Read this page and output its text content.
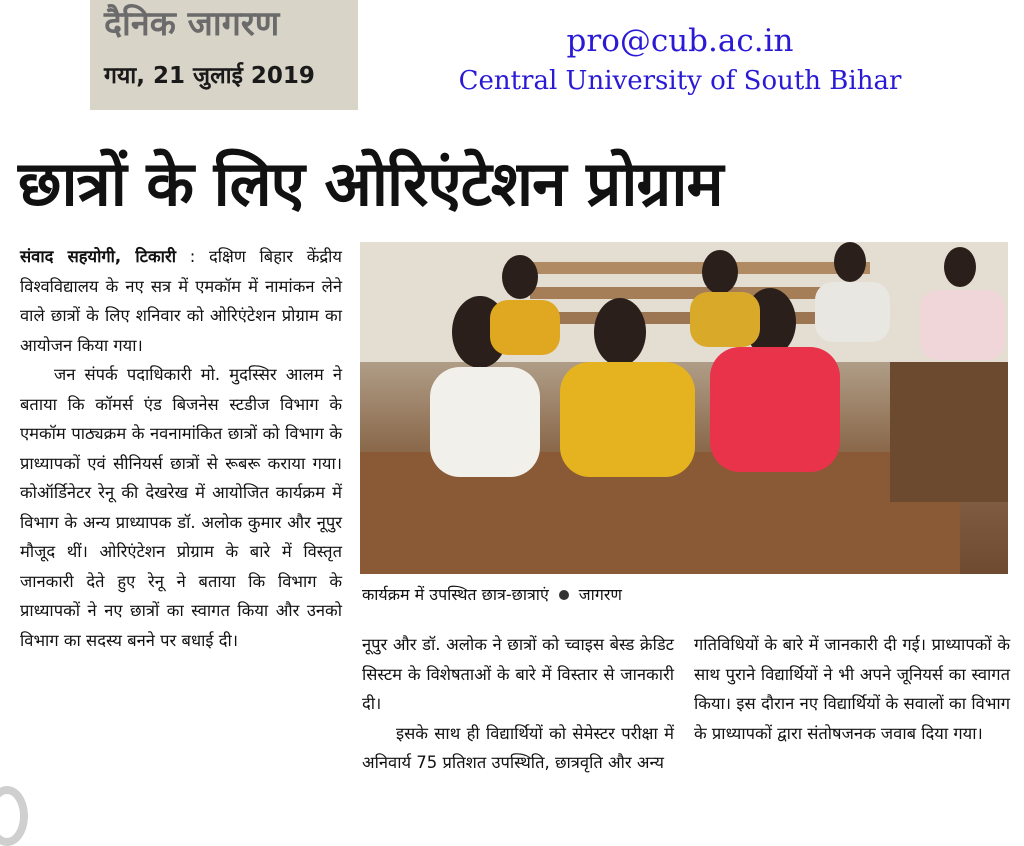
दैनिक जागरण
गया, 21 जुलाई 2019
pro@cub.ac.in
Central University of South Bihar
छात्रों के लिए ओरिएंटेशन प्रोग्राम

संवाद सहयोगी, टिकारी : दक्षिण बिहार केंद्रीय विश्वविद्यालय के नए सत्र में एमकॉम में नामांकन लेने वाले छात्रों के लिए शनिवार को ओरिएंटेशन प्रोग्राम का आयोजन किया गया।

जन संपर्क पदाधिकारी मो. मुदस्सिर आलम ने बताया कि कॉमर्स एंड बिजनेस स्टडीज विभाग के एमकॉम पाठ्यक्रम के नवनामांकित छात्रों को विभाग के प्राध्यापकों एवं सीनियर्स छात्रों से रूबरू कराया गया। कोऑर्डिनेटर रेनू की देखरेख में आयोजित कार्यक्रम में विभाग के अन्य प्राध्यापक डॉ. अलोक कुमार और नूपुर मौजूद थीं। ओरिएंटेशन प्रोग्राम के बारे में विस्तृत जानकारी देते हुए रेनू ने बताया कि विभाग के प्राध्यापकों ने नए छात्रों का स्वागत किया और उनको विभाग का सदस्य बनने पर बधाई दी।

कार्यक्रम में उपस्थित छात्र-छात्राएं जागरण

नूपुर और डॉ. अलोक ने छात्रों को च्वाइस बेस्ड क्रेडिट सिस्टम के विशेषताओं के बारे में विस्तार से जानकारी दी।

इसके साथ ही विद्यार्थियों को सेमेस्टर परीक्षा में अनिवार्य 75 प्रतिशत उपस्थिति, छात्रवृति और अन्य

गतिविधियों के बारे में जानकारी दी गई। प्राध्यापकों के साथ पुराने विद्यार्थियों ने भी अपने जूनियर्स का स्वागत किया। इस दौरान नए विद्यार्थियों के सवालों का विभाग के प्राध्यापकों द्वारा संतोषजनक जवाब दिया गया।
